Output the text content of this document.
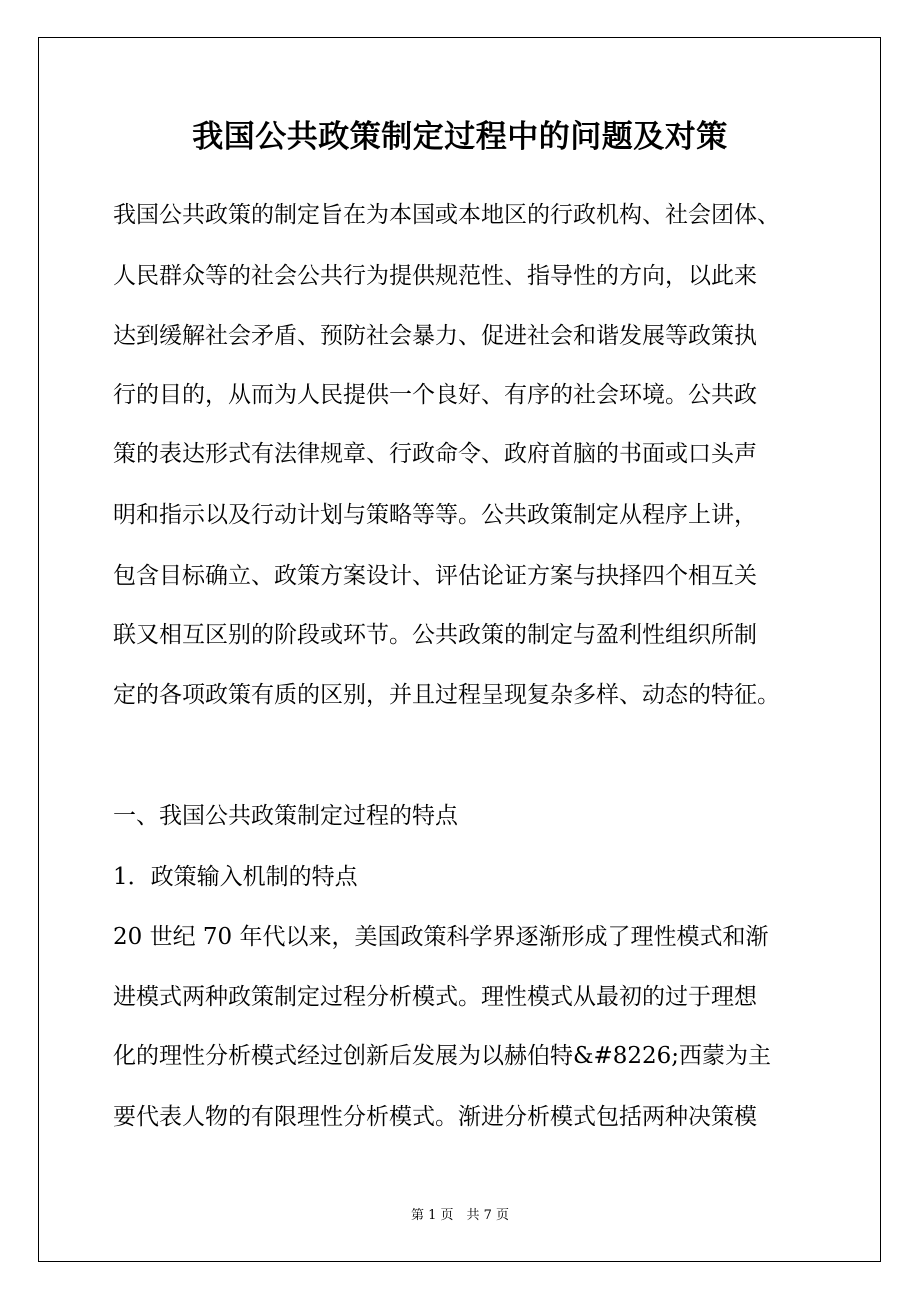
我国公共政策制定过程中的问题及对策

我国公共政策的制定旨在为本国或本地区的行政机构、社会团体、

人民群众等的社会公共行为提供规范性、指导性的方向，以此来

达到缓解社会矛盾、预防社会暴力、促进社会和谐发展等政策执

行的目的，从而为人民提供一个良好、有序的社会环境。公共政

策的表达形式有法律规章、行政命令、政府首脑的书面或口头声

明和指示以及行动计划与策略等等。公共政策制定从程序上讲，

包含目标确立、政策方案设计、评估论证方案与抉择四个相互关

联又相互区别的阶段或环节。公共政策的制定与盈利性组织所制

定的各项政策有质的区别，并且过程呈现复杂多样、动态的特征。

一、我国公共政策制定过程的特点
1．政策输入机制的特点

20 世纪 70 年代以来，美国政策科学界逐渐形成了理性模式和渐

进模式两种政策制定过程分析模式。理性模式从最初的过于理想

化的理性分析模式经过创新后发展为以赫伯特&#8226;西蒙为主

要代表人物的有限理性分析模式。渐进分析模式包括两种决策模

第 1 页　共 7 页
